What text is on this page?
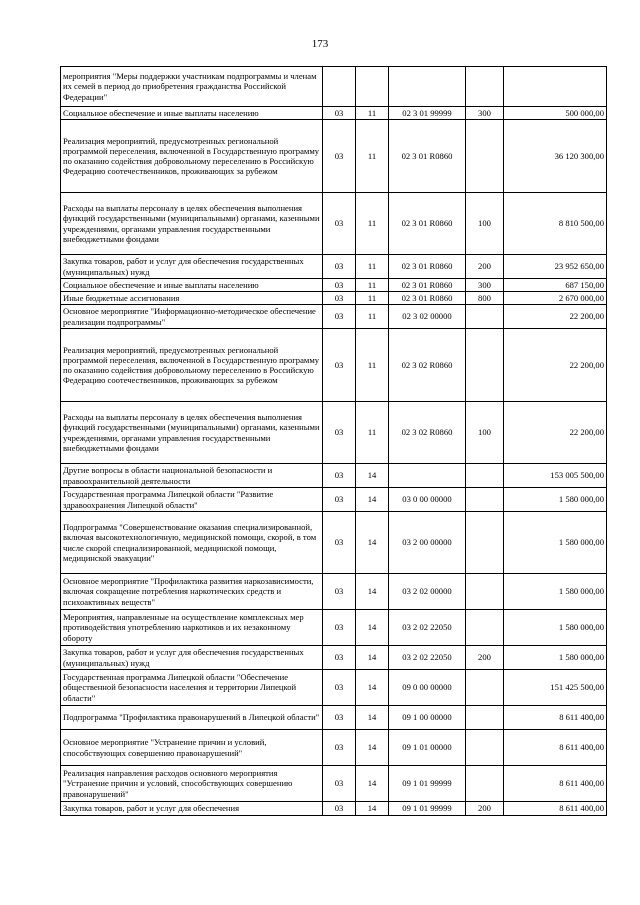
173
мероприятия "Меры поддержки участникам подпрограммы и членам их семей в период до приобретения гражданства Российской Федерации"					
Социальное обеспечение и иные выплаты населению	03	11	02 3 01 99999	300	500 000,00
Реализация мероприятий, предусмотренных региональной программой переселения, включенной в Государственную программу по оказанию содействия добровольному переселению в Российскую Федерацию соотечественников, проживающих за рубежом	03	11	02 3 01 R0860		36 120 300,00
Расходы на выплаты персоналу в целях обеспечения выполнения функций государственными (муниципальными) органами, казенными учреждениями, органами управления государственными внебюджетными фондами	03	11	02 3 01 R0860	100	8 810 500,00
Закупка товаров, работ и услуг для обеспечения государственных (муниципальных) нужд	03	11	02 3 01 R0860	200	23 952 650,00
Социальное обеспечение и иные выплаты населению	03	11	02 3 01 R0860	300	687 150,00
Иные бюджетные ассигнования	03	11	02 3 01 R0860	800	2 670 000,00
Основное мероприятие "Информационно-методическое обеспечение реализации подпрограммы"	03	11	02 3 02 00000		22 200,00
Реализация мероприятий, предусмотренных региональной программой переселения, включенной в Государственную программу по оказанию содействия добровольному переселению в Российскую Федерацию соотечественников, проживающих за рубежом	03	11	02 3 02 R0860		22 200,00
Расходы на выплаты персоналу в целях обеспечения выполнения функций государственными (муниципальными) органами, казенными учреждениями, органами управления государственными внебюджетными фондами	03	11	02 3 02 R0860	100	22 200,00
Другие вопросы в области национальной безопасности и правоохранительной деятельности	03	14			153 005 500,00
Государственная программа Липецкой области "Развитие здравоохранения Липецкой области"	03	14	03 0 00 00000		1 580 000,00
Подпрограмма "Совершенствование оказания специализированной, включая высокотехнологичную, медицинской помощи, скорой, в том числе скорой специализированной, медицинской помощи, медицинской эвакуации"	03	14	03 2 00 00000		1 580 000,00
Основное мероприятие "Профилактика развития наркозависимости, включая сокращение потребления наркотических средств и психоактивных веществ"	03	14	03 2 02 00000		1 580 000,00
Мероприятия, направленные на осуществление комплексных мер противодействия употреблению наркотиков и их незаконному обороту	03	14	03 2 02 22050		1 580 000,00
Закупка товаров, работ и услуг для обеспечения государственных (муниципальных) нужд	03	14	03 2 02 22050	200	1 580 000,00
Государственная программа Липецкой области "Обеспечение общественной безопасности населения и территории Липецкой области"	03	14	09 0 00 00000		151 425 500,00
Подпрограмма "Профилактика правонарушений в Липецкой области"	03	14	09 1 00 00000		8 611 400,00
Основное мероприятие "Устранение причин и условий, способствующих совершению правонарушений"	03	14	09 1 01 00000		8 611 400,00
Реализация направления расходов основного мероприятия "Устранение причин и условий, способствующих совершению правонарушений"	03	14	09 1 01 99999		8 611 400,00
Закупка товаров, работ и услуг для обеспечения	03	14	09 1 01 99999	200	8 611 400,00
